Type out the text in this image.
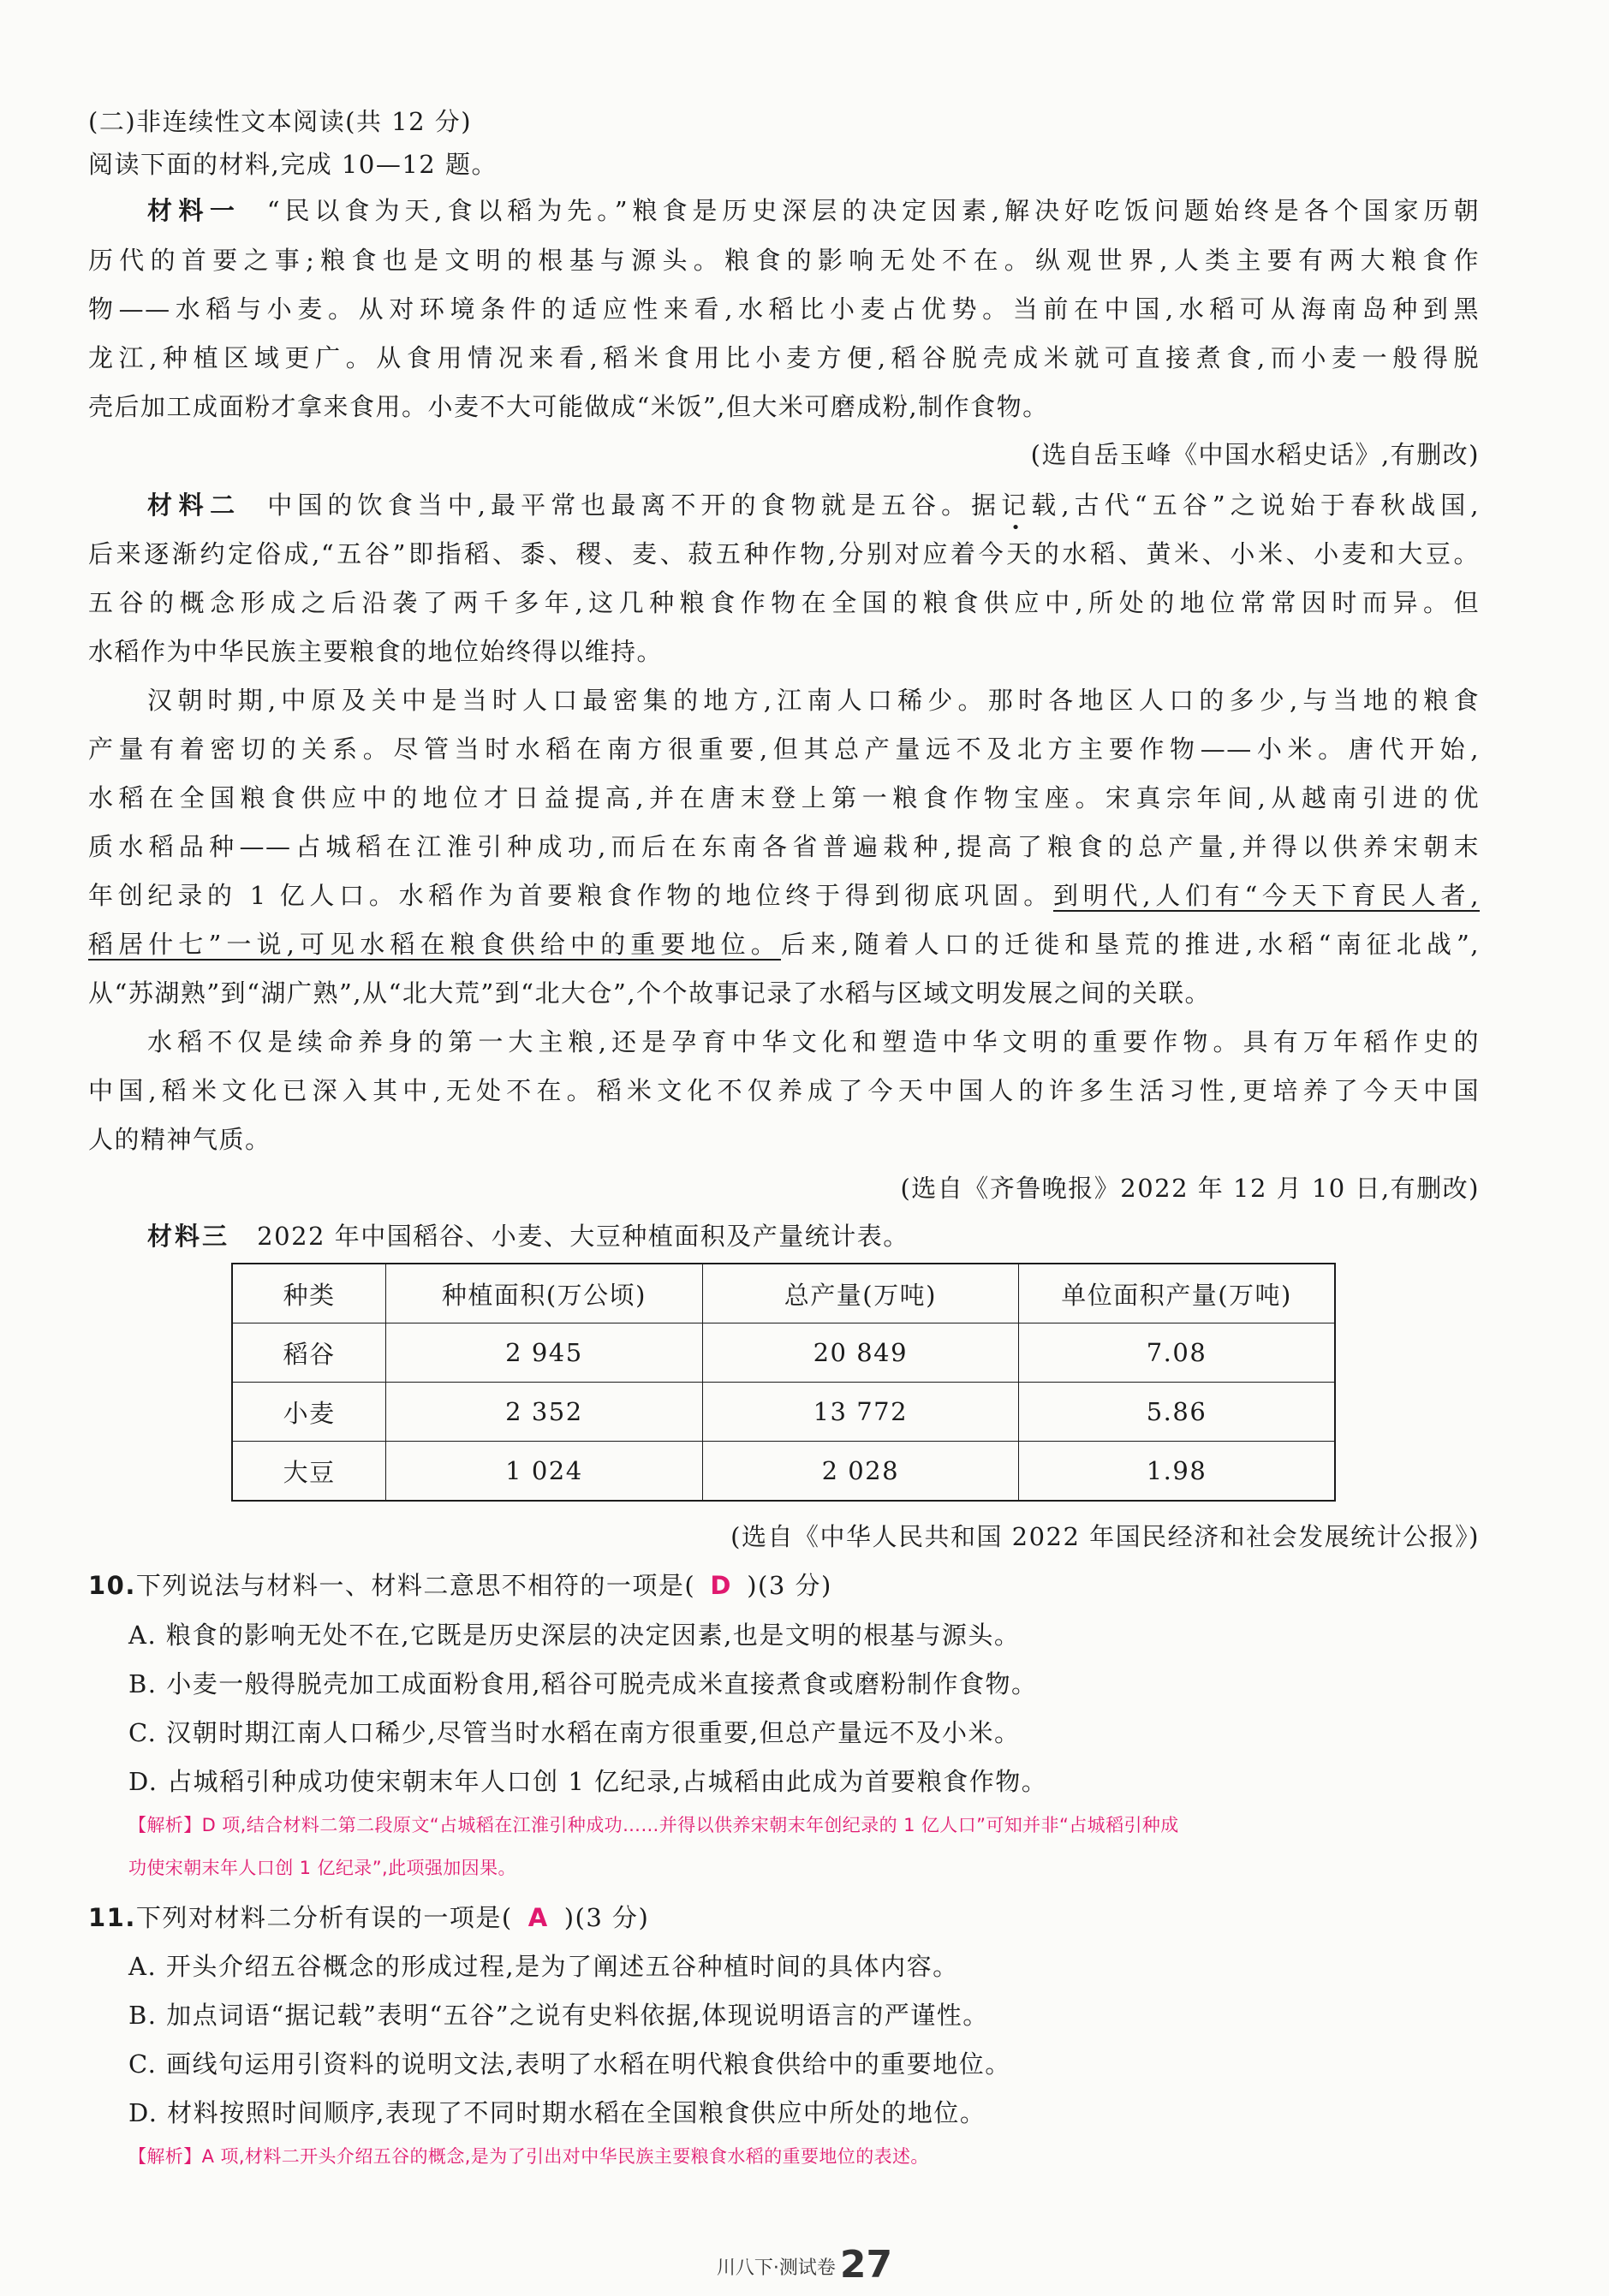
(二)非连续性文本阅读(共 12 分)
阅读下面的材料,完成 10—12 题。
材料一 “民以食为天,食以稻为先。”粮食是历史深层的决定因素,解决好吃饭问题始终是各个国家历朝
历代的首要之事;粮食也是文明的根基与源头。粮食的影响无处不在。纵观世界,人类主要有两大粮食作
物——水稻与小麦。从对环境条件的适应性来看,水稻比小麦占优势。当前在中国,水稻可从海南岛种到黑
龙江,种植区域更广。从食用情况来看,稻米食用比小麦方便,稻谷脱壳成米就可直接煮食,而小麦一般得脱
壳后加工成面粉才拿来食用。小麦不大可能做成“米饭”,但大米可磨成粉,制作食物。
(选自岳玉峰《中国水稻史话》,有删改)
材料二 中国的饮食当中,最平常也最离不开的食物就是五谷。据记载,古代“五谷”之说始于春秋战国,
后来逐渐约定俗成,“五谷”即指稻、黍、稷、麦、菽五种作物,分别对应着今天的水稻、黄米、小米、小麦和大豆。
五谷的概念形成之后沿袭了两千多年,这几种粮食作物在全国的粮食供应中,所处的地位常常因时而异。但
水稻作为中华民族主要粮食的地位始终得以维持。
汉朝时期,中原及关中是当时人口最密集的地方,江南人口稀少。那时各地区人口的多少,与当地的粮食
产量有着密切的关系。尽管当时水稻在南方很重要,但其总产量远不及北方主要作物——小米。唐代开始,
水稻在全国粮食供应中的地位才日益提高,并在唐末登上第一粮食作物宝座。宋真宗年间,从越南引进的优
质水稻品种——占城稻在江淮引种成功,而后在东南各省普遍栽种,提高了粮食的总产量,并得以供养宋朝末
年创纪录的 1 亿人口。水稻作为首要粮食作物的地位终于得到彻底巩固。到明代,人们有“今天下育民人者,
稻居什七”一说,可见水稻在粮食供给中的重要地位。后来,随着人口的迁徙和垦荒的推进,水稻“南征北战”,
从“苏湖熟”到“湖广熟”,从“北大荒”到“北大仓”,个个故事记录了水稻与区域文明发展之间的关联。
水稻不仅是续命养身的第一大主粮,还是孕育中华文化和塑造中华文明的重要作物。具有万年稻作史的
中国,稻米文化已深入其中,无处不在。稻米文化不仅养成了今天中国人的许多生活习性,更培养了今天中国
人的精神气质。
(选自《齐鲁晚报》2022 年 12 月 10 日,有删改)
材料三 2022 年中国稻谷、小麦、大豆种植面积及产量统计表。
种类	种植面积(万公顷)	总产量(万吨)	单位面积产量(万吨)
稻谷	2 945	20 849	7.08
小麦	2 352	13 772	5.86
大豆	1 024	2 028	1.98
(选自《中华人民共和国 2022 年国民经济和社会发展统计公报》)
10.下列说法与材料一、材料二意思不相符的一项是( D )(3 分)
A. 粮食的影响无处不在,它既是历史深层的决定因素,也是文明的根基与源头。
B. 小麦一般得脱壳加工成面粉食用,稻谷可脱壳成米直接煮食或磨粉制作食物。
C. 汉朝时期江南人口稀少,尽管当时水稻在南方很重要,但总产量远不及小米。
D. 占城稻引种成功使宋朝末年人口创 1 亿纪录,占城稻由此成为首要粮食作物。
【解析】D 项,结合材料二第二段原文“占城稻在江淮引种成功……并得以供养宋朝末年创纪录的 1 亿人口”可知并非“占城稻引种成
功使宋朝末年人口创 1 亿纪录”,此项强加因果。
11.下列对材料二分析有误的一项是( A )(3 分)
A. 开头介绍五谷概念的形成过程,是为了阐述五谷种植时间的具体内容。
B. 加点词语“据记载”表明“五谷”之说有史料依据,体现说明语言的严谨性。
C. 画线句运用引资料的说明文法,表明了水稻在明代粮食供给中的重要地位。
D. 材料按照时间顺序,表现了不同时期水稻在全国粮食供应中所处的地位。
【解析】A 项,材料二开头介绍五谷的概念,是为了引出对中华民族主要粮食水稻的重要地位的表述。
川八下·测试卷 27
